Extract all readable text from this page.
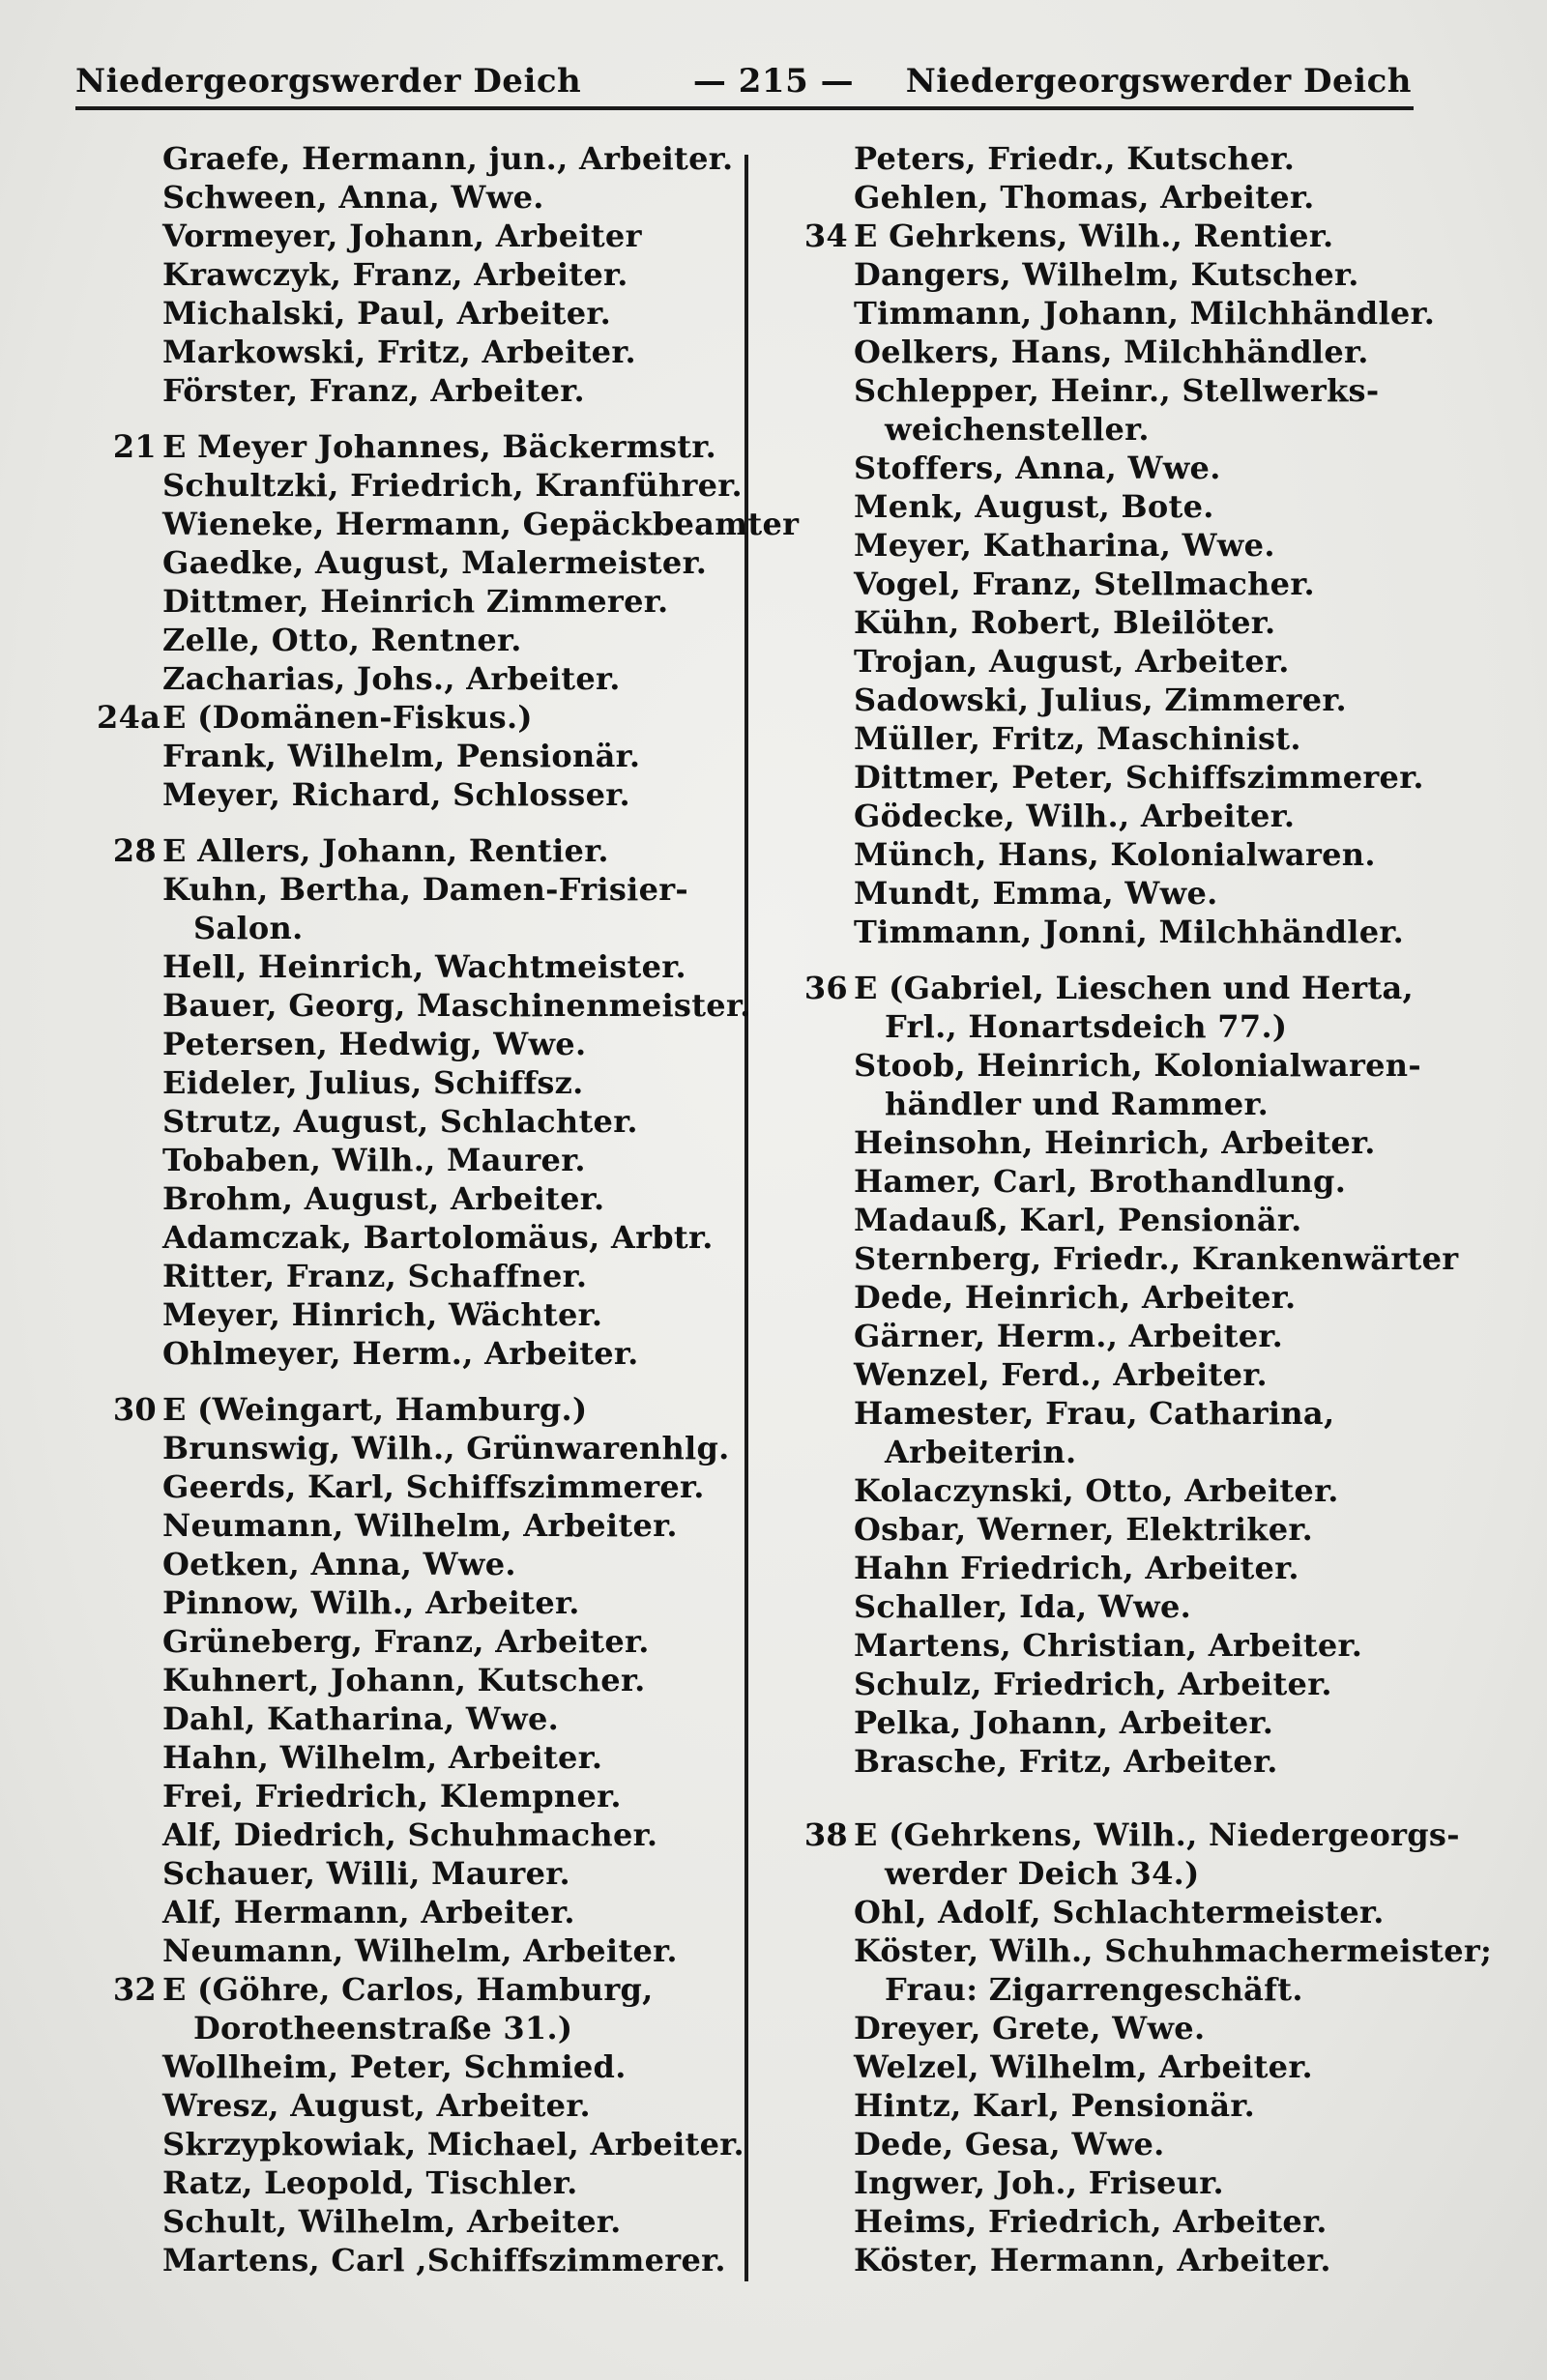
Niedergeorgswerder Deich	— 215 —	Niedergeorgswerder Deich
Graefe, Hermann, jun., Arbeiter.
Schween, Anna, Wwe.
Vormeyer, Johann, Arbeiter
Krawczyk, Franz, Arbeiter.
Michalski, Paul, Arbeiter.
Markowski, Fritz, Arbeiter.
Förster, Franz, Arbeiter.
21 E Meyer Johannes, Bäckermstr.
Schultzki, Friedrich, Kranführer.
Wieneke, Hermann, Gepäckbeamter
Gaedke, August, Malermeister.
Dittmer, Heinrich Zimmerer.
Zelle, Otto, Rentner.
Zacharias, Johs., Arbeiter.
24aE (Domänen-Fiskus.)
Frank, Wilhelm, Pensionär.
Meyer, Richard, Schlosser.
28 E Allers, Johann, Rentier.
Kuhn, Bertha, Damen-Frisier-
Salon.
Hell, Heinrich, Wachtmeister.
Bauer, Georg, Maschinenmeister.
Petersen, Hedwig, Wwe.
Eideler, Julius, Schiffsz.
Strutz, August, Schlachter.
Tobaben, Wilh., Maurer.
Brohm, August, Arbeiter.
Adamczak, Bartolomäus, Arbtr.
Ritter, Franz, Schaffner.
Meyer, Hinrich, Wächter.
Ohlmeyer, Herm., Arbeiter.
30 E (Weingart, Hamburg.)
Brunswig, Wilh., Grünwarenhlg.
Geerds, Karl, Schiffszimmerer.
Neumann, Wilhelm, Arbeiter.
Oetken, Anna, Wwe.
Pinnow, Wilh., Arbeiter.
Grüneberg, Franz, Arbeiter.
Kuhnert, Johann, Kutscher.
Dahl, Katharina, Wwe.
Hahn, Wilhelm, Arbeiter.
Frei, Friedrich, Klempner.
Alf, Diedrich, Schuhmacher.
Schauer, Willi, Maurer.
Alf, Hermann, Arbeiter.
Neumann, Wilhelm, Arbeiter.
32 E (Göhre, Carlos, Hamburg,
Dorotheenstraße 31.)
Wollheim, Peter, Schmied.
Wresz, August, Arbeiter.
Skrzypkowiak, Michael, Arbeiter.
Ratz, Leopold, Tischler.
Schult, Wilhelm, Arbeiter.
Martens, Carl ,Schiffszimmerer.
Peters, Friedr., Kutscher.
Gehlen, Thomas, Arbeiter.
34 E Gehrkens, Wilh., Rentier.
Dangers, Wilhelm, Kutscher.
Timmann, Johann, Milchhändler.
Oelkers, Hans, Milchhändler.
Schlepper, Heinr., Stellwerks-
weichensteller.
Stoffers, Anna, Wwe.
Menk, August, Bote.
Meyer, Katharina, Wwe.
Vogel, Franz, Stellmacher.
Kühn, Robert, Bleilöter.
Trojan, August, Arbeiter.
Sadowski, Julius, Zimmerer.
Müller, Fritz, Maschinist.
Dittmer, Peter, Schiffszimmerer.
Gödecke, Wilh., Arbeiter.
Münch, Hans, Kolonialwaren.
Mundt, Emma, Wwe.
Timmann, Jonni, Milchhändler.
36 E (Gabriel, Lieschen und Herta,
Frl., Honartsdeich 77.)
Stoob, Heinrich, Kolonialwaren-
händler und Rammer.
Heinsohn, Heinrich, Arbeiter.
Hamer, Carl, Brothandlung.
Madauß, Karl, Pensionär.
Sternberg, Friedr., Krankenwärter
Dede, Heinrich, Arbeiter.
Gärner, Herm., Arbeiter.
Wenzel, Ferd., Arbeiter.
Hamester, Frau, Catharina,
Arbeiterin.
Kolaczynski, Otto, Arbeiter.
Osbar, Werner, Elektriker.
Hahn Friedrich, Arbeiter.
Schaller, Ida, Wwe.
Martens, Christian, Arbeiter.
Schulz, Friedrich, Arbeiter.
Pelka, Johann, Arbeiter.
Brasche, Fritz, Arbeiter.
38 E (Gehrkens, Wilh., Niedergeorgs-
werder Deich 34.)
Ohl, Adolf, Schlachtermeister.
Köster, Wilh., Schuhmachermeister;
Frau: Zigarrengeschäft.
Dreyer, Grete, Wwe.
Welzel, Wilhelm, Arbeiter.
Hintz, Karl, Pensionär.
Dede, Gesa, Wwe.
Ingwer, Joh., Friseur.
Heims, Friedrich, Arbeiter.
Köster, Hermann, Arbeiter.
